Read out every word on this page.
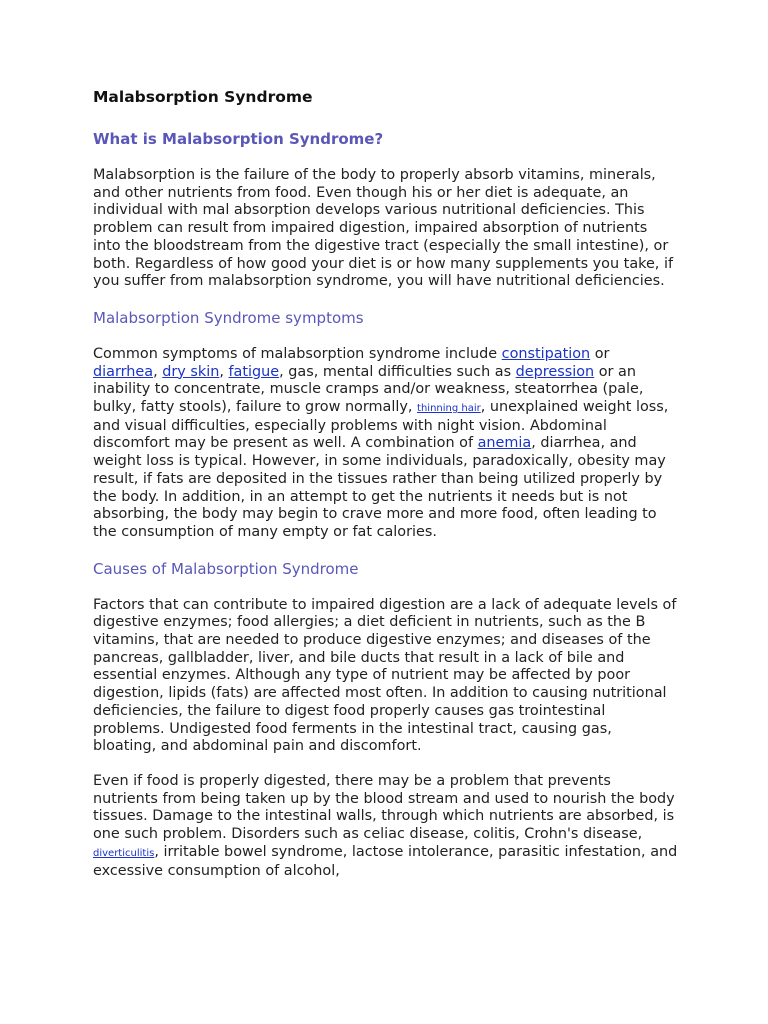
Malabsorption Syndrome
What is Malabsorption Syndrome?

Malabsorption is the failure of the body to properly absorb vitamins, minerals, and other nutrients from food. Even though his or her diet is adequate, an individual with mal absorption develops various nutritional deficiencies. This problem can result from impaired digestion, impaired absorption of nutrients into the bloodstream from the digestive tract (especially the small intestine), or both. Regardless of how good your diet is or how many supplements you take, if you suffer from malabsorption syndrome, you will have nutritional deficiencies.

Malabsorption Syndrome symptoms

Common symptoms of malabsorption syndrome include constipation or diarrhea, dry skin, fatigue, gas, mental difficulties such as depression or an inability to concentrate, muscle cramps and/or weakness, steatorrhea (pale, bulky, fatty stools), failure to grow normally, thinning hair, unexplained weight loss, and visual difficulties, especially problems with night vision. Abdominal discomfort may be present as well. A combination of anemia, diarrhea, and weight loss is typical. However, in some individuals, paradoxically, obesity may result, if fats are deposited in the tissues rather than being utilized properly by the body. In addition, in an attempt to get the nutrients it needs but is not absorbing, the body may begin to crave more and more food, often leading to the consumption of many empty or fat calories.

Causes of Malabsorption Syndrome

Factors that can contribute to impaired digestion are a lack of adequate levels of digestive enzymes; food allergies; a diet deficient in nutrients, such as the B vitamins, that are needed to produce digestive enzymes; and diseases of the pancreas, gallbladder, liver, and bile ducts that result in a lack of bile and essential enzymes. Although any type of nutrient may be affected by poor digestion, lipids (fats) are affected most often. In addition to causing nutritional deficiencies, the failure to digest food properly causes gas trointestinal problems. Undigested food ferments in the intestinal tract, causing gas, bloating, and abdominal pain and discomfort.

Even if food is properly digested, there may be a problem that prevents nutrients from being taken up by the blood stream and used to nourish the body tissues. Damage to the intestinal walls, through which nutrients are absorbed, is one such problem. Disorders such as celiac disease, colitis, Crohn's disease, diverticulitis, irritable bowel syndrome, lactose intolerance, parasitic infestation, and excessive consumption of alcohol,
